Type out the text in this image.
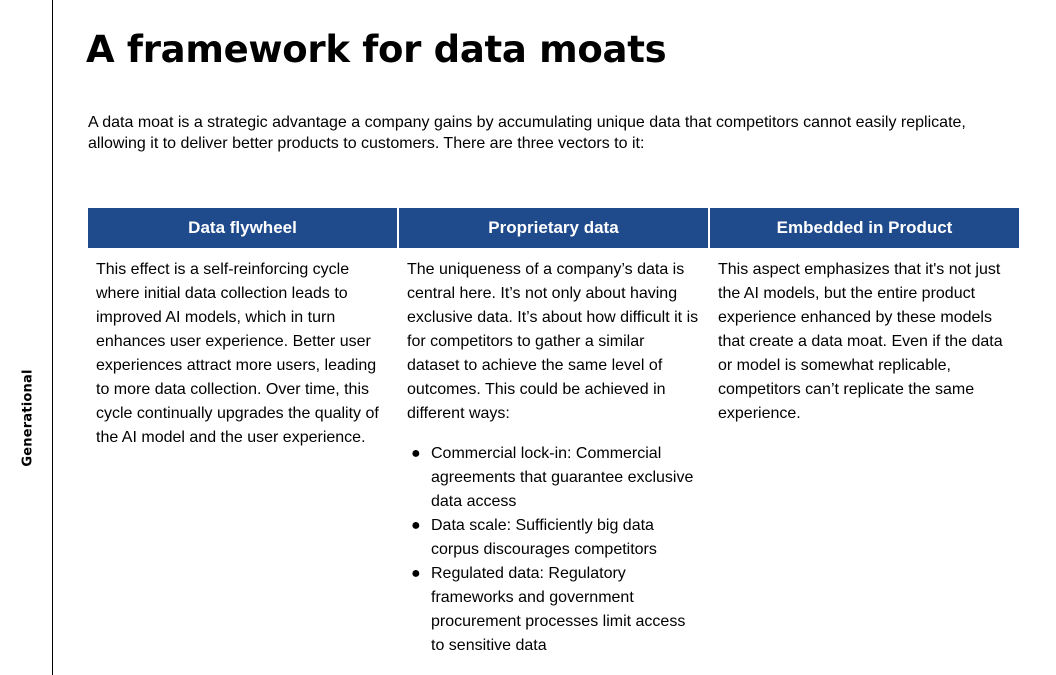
Generational
A framework for data moats

A data moat is a strategic advantage a company gains by accumulating unique data that competitors cannot easily replicate, allowing it to deliver better products to customers. There are three vectors to it:

Data flywheel

This effect is a self-reinforcing cycle where initial data collection leads to improved AI models, which in turn enhances user experience. Better user experiences attract more users, leading to more data collection. Over time, this cycle continually upgrades the quality of the AI model and the user experience.

Proprietary data

The uniqueness of a company’s data is central here. It’s not only about having exclusive data. It’s about how difficult it is for competitors to gather a similar dataset to achieve the same level of outcomes. This could be achieved in different ways:

● Commercial lock-in: Commercial agreements that guarantee exclusive data access
● Data scale: Sufficiently big data corpus discourages competitors
● Regulated data: Regulatory frameworks and government procurement processes limit access to sensitive data
Embedded in Product

This aspect emphasizes that it's not just the AI models, but the entire product experience enhanced by these models that create a data moat. Even if the data or model is somewhat replicable, competitors can’t replicate the same experience.
